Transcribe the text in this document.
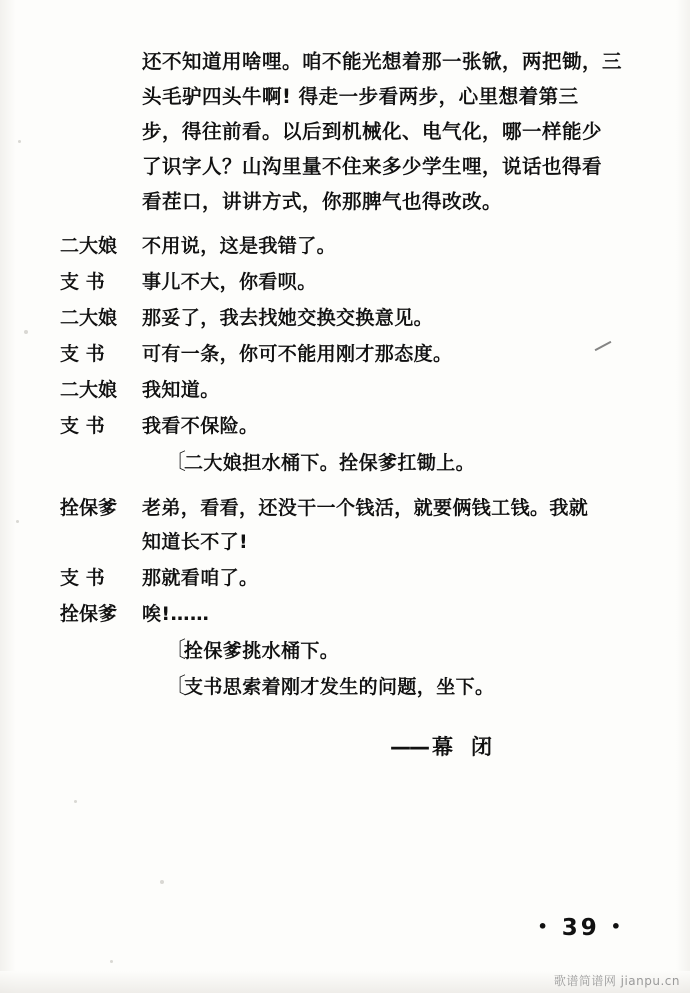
还不知道用啥哩。咱不能光想着那一张锨，两把锄，三
头毛驴四头牛啊! 得走一步看两步，心里想着第三
步，得往前看。以后到机械化、电气化，哪一样能少
了识字人？山沟里量不住来多少学生哩，说话也得看
看茬口，讲讲方式，你那脾气也得改改。
二大娘	不用说，这是我错了。
支 书	事儿不大，你看呗。
二大娘	那妥了，我去找她交换交换意见。
支 书	可有一条，你可不能用刚才那态度。
二大娘	我知道。
支 书	我看不保险。
〔
二大娘担水桶下。拴保爹扛锄上。
拴保爹	老弟，看看，还没干一个钱活，就要俩钱工钱。我就
知道长不了!
支 书	那就看咱了。
拴保爹	唉!……
〔
拴保爹挑水桶下。
〔
支书思索着刚才发生的问题，坐下。
—— 幕 闭
• 39 •
歌谱简谱网 jianpu.cn
